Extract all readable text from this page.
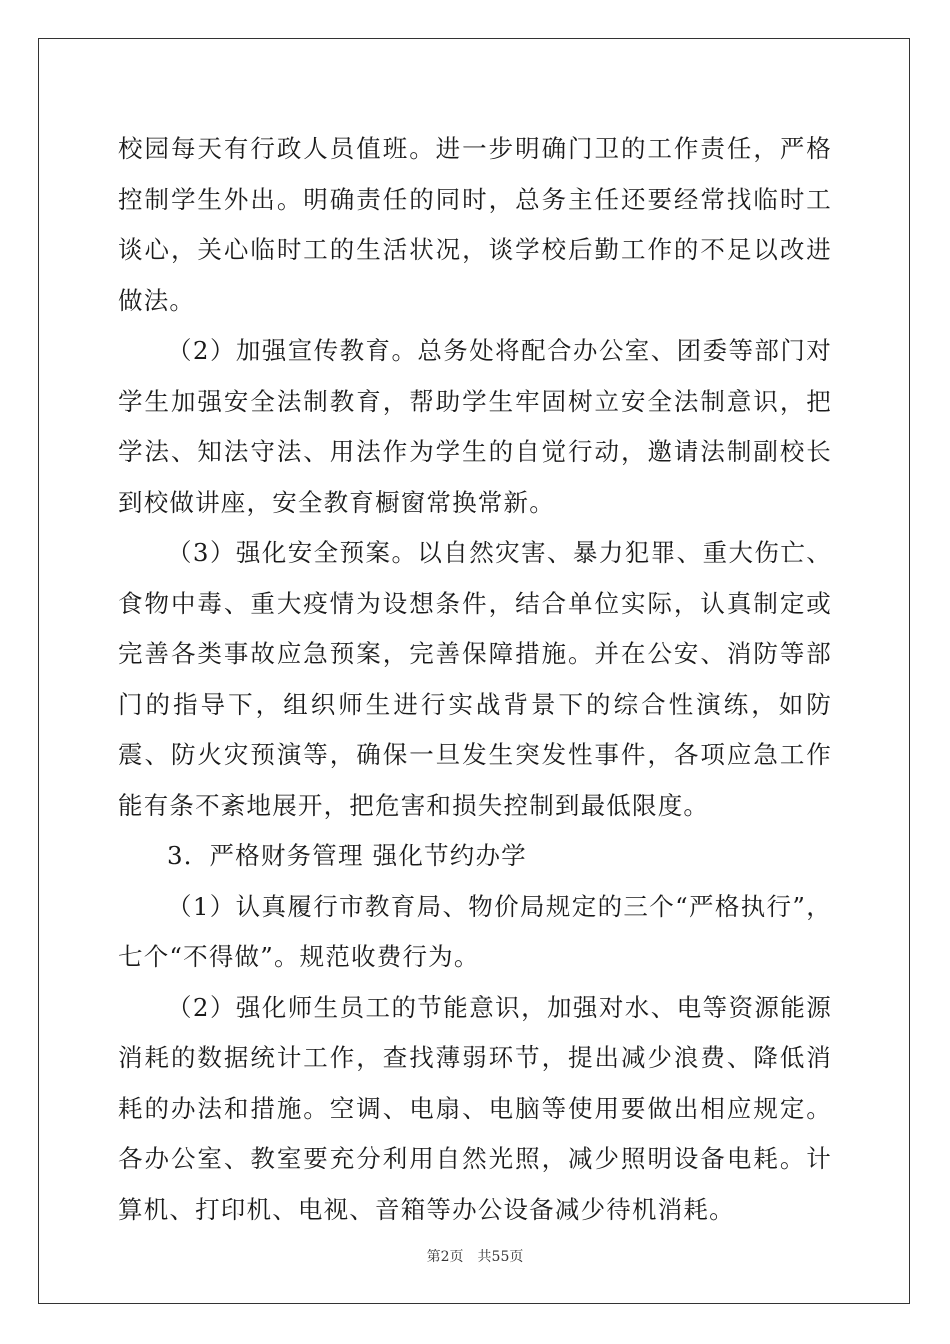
校园每天有行政人员值班。进一步明确门卫的工作责任，严格控制学生外出。明确责任的同时，总务主任还要经常找临时工谈心，关心临时工的生活状况，谈学校后勤工作的不足以改进做法。

（2）加强宣传教育。总务处将配合办公室、团委等部门对学生加强安全法制教育，帮助学生牢固树立安全法制意识，把学法、知法守法、用法作为学生的自觉行动，邀请法制副校长到校做讲座，安全教育橱窗常换常新。

（3）强化安全预案。以自然灾害、暴力犯罪、重大伤亡、食物中毒、重大疫情为设想条件，结合单位实际，认真制定或完善各类事故应急预案，完善保障措施。并在公安、消防等部门的指导下，组织师生进行实战背景下的综合性演练，如防震、防火灾预演等，确保一旦发生突发性事件，各项应急工作能有条不紊地展开，把危害和损失控制到最低限度。

3．严格财务管理 强化节约办学

（1）认真履行市教育局、物价局规定的三个“严格执行”，七个“不得做”。规范收费行为。

（2）强化师生员工的节能意识，加强对水、电等资源能源消耗的数据统计工作，查找薄弱环节，提出减少浪费、降低消耗的办法和措施。空调、电扇、电脑等使用要做出相应规定。各办公室、教室要充分利用自然光照，减少照明设备电耗。计算机、打印机、电视、音箱等办公设备减少待机消耗。

第2页 共55页
